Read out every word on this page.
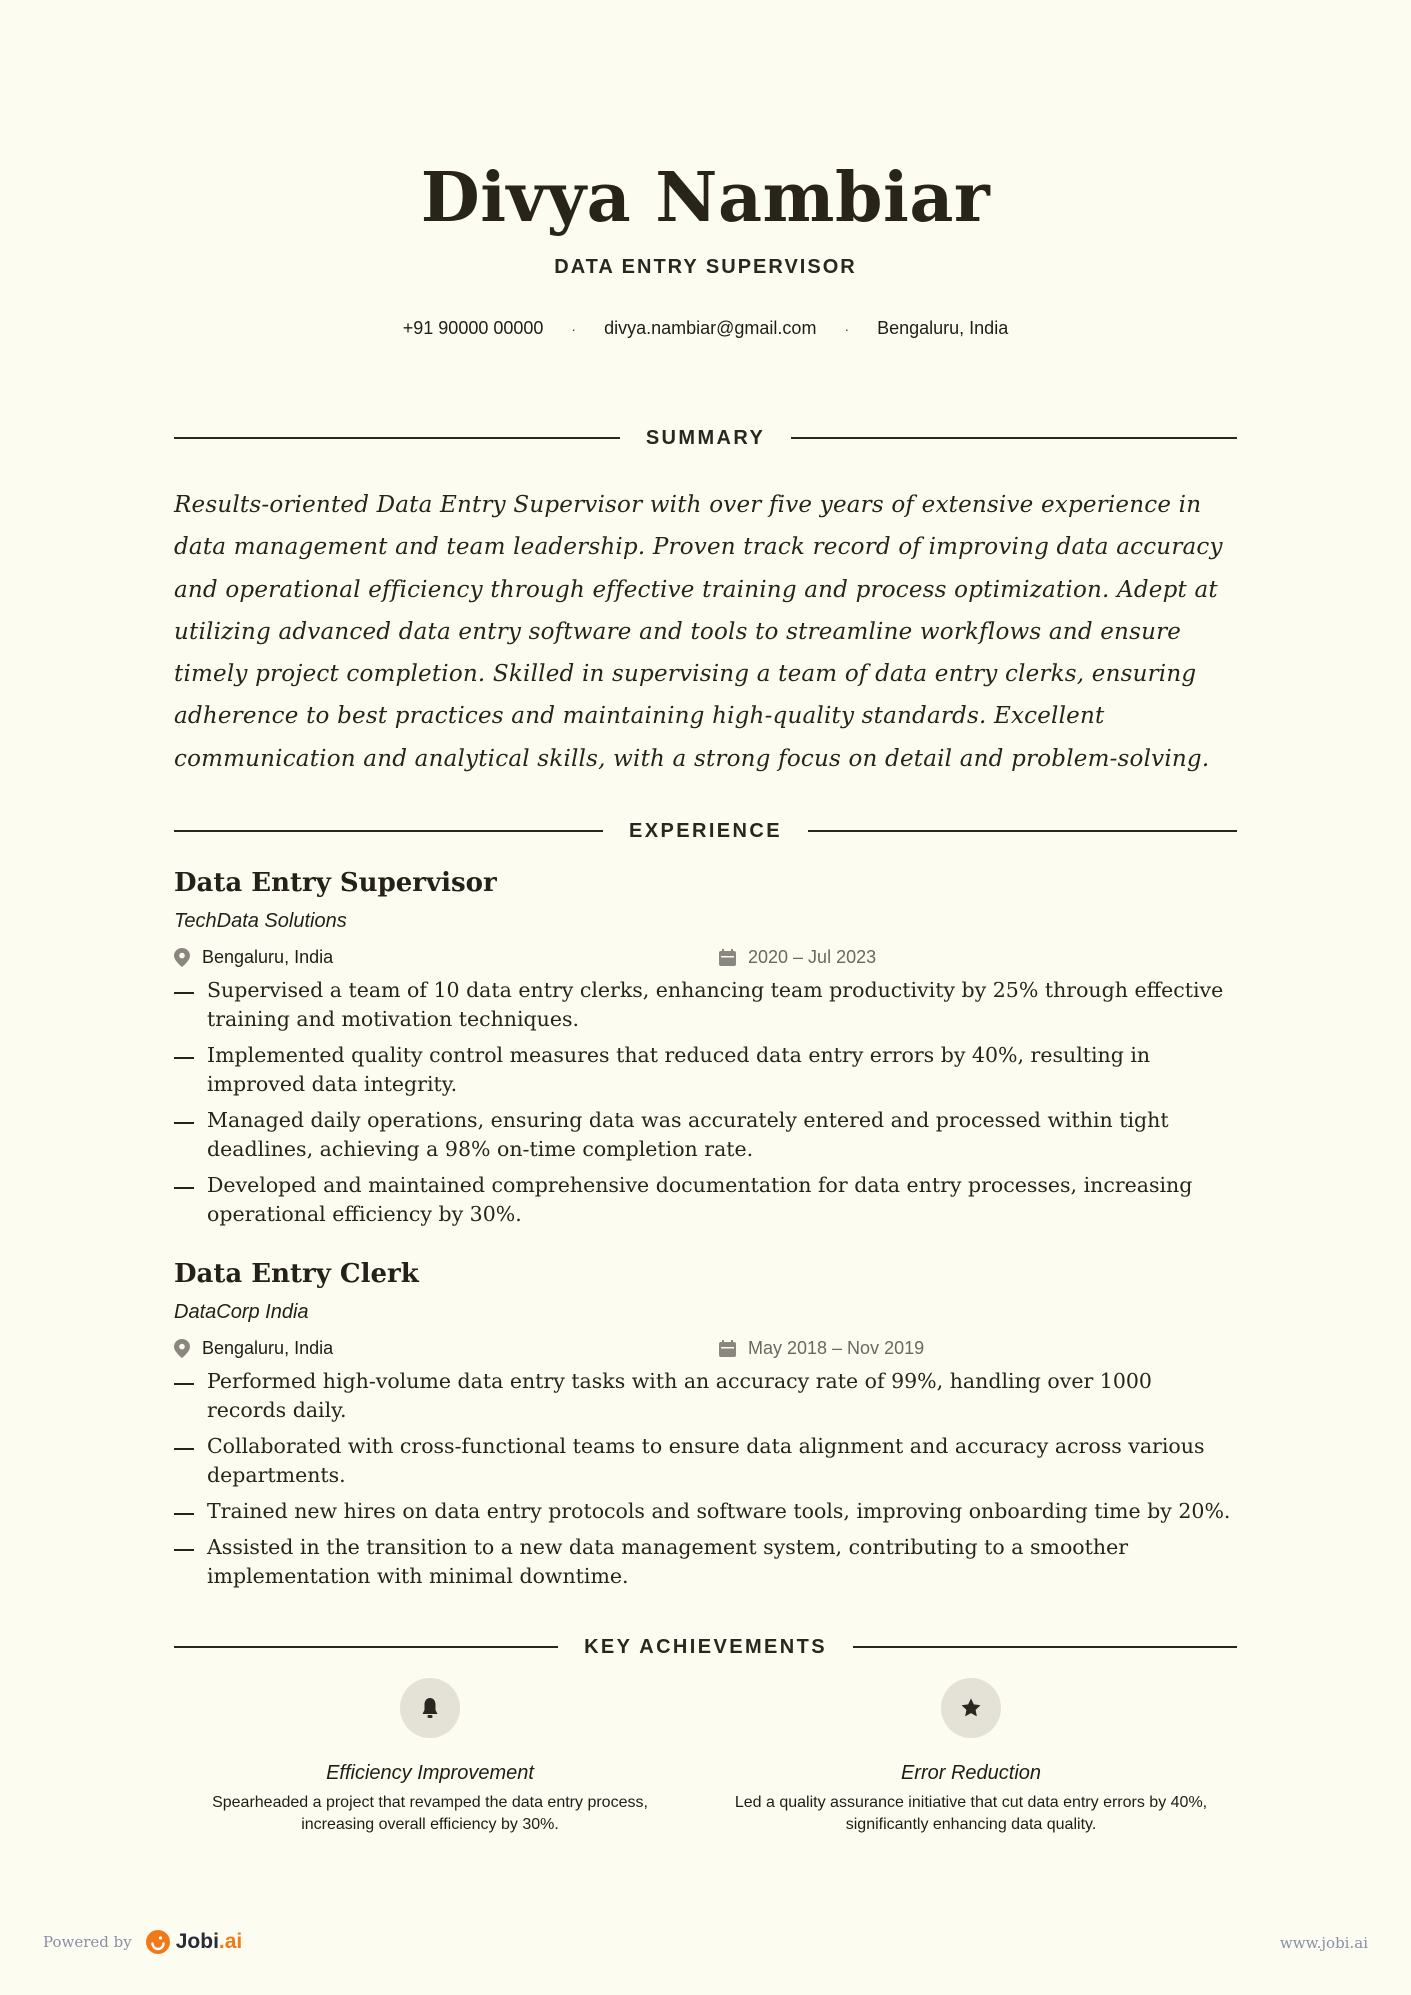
Divya Nambiar
DATA ENTRY SUPERVISOR
+91 90000 00000 · divya.nambiar@gmail.com · Bengaluru, India
SUMMARY

Results-oriented Data Entry Supervisor with over five years of extensive experience in data management and team leadership. Proven track record of improving data accuracy and operational efficiency through effective training and process optimization. Adept at utilizing advanced data entry software and tools to streamline workflows and ensure timely project completion. Skilled in supervising a team of data entry clerks, ensuring adherence to best practices and maintaining high-quality standards. Excellent communication and analytical skills, with a strong focus on detail and problem-solving.

EXPERIENCE
Data Entry Supervisor
TechData Solutions
Bengaluru, India	2020 – Jul 2023
Supervised a team of 10 data entry clerks, enhancing team productivity by 25% through effective training and motivation techniques.
Implemented quality control measures that reduced data entry errors by 40%, resulting in improved data integrity.
Managed daily operations, ensuring data was accurately entered and processed within tight deadlines, achieving a 98% on-time completion rate.
Developed and maintained comprehensive documentation for data entry processes, increasing operational efficiency by 30%.
Data Entry Clerk
DataCorp India
Bengaluru, India	May 2018 – Nov 2019
Performed high-volume data entry tasks with an accuracy rate of 99%, handling over 1000 records daily.
Collaborated with cross-functional teams to ensure data alignment and accuracy across various departments.
Trained new hires on data entry protocols and software tools, improving onboarding time by 20%.
Assisted in the transition to a new data management system, contributing to a smoother implementation with minimal downtime.
KEY ACHIEVEMENTS
Efficiency Improvement
Spearheaded a project that revamped the data entry process, increasing overall efficiency by 30%.
Error Reduction
Led a quality assurance initiative that cut data entry errors by 40%, significantly enhancing data quality.
Powered by Jobi.ai	www.jobi.ai
